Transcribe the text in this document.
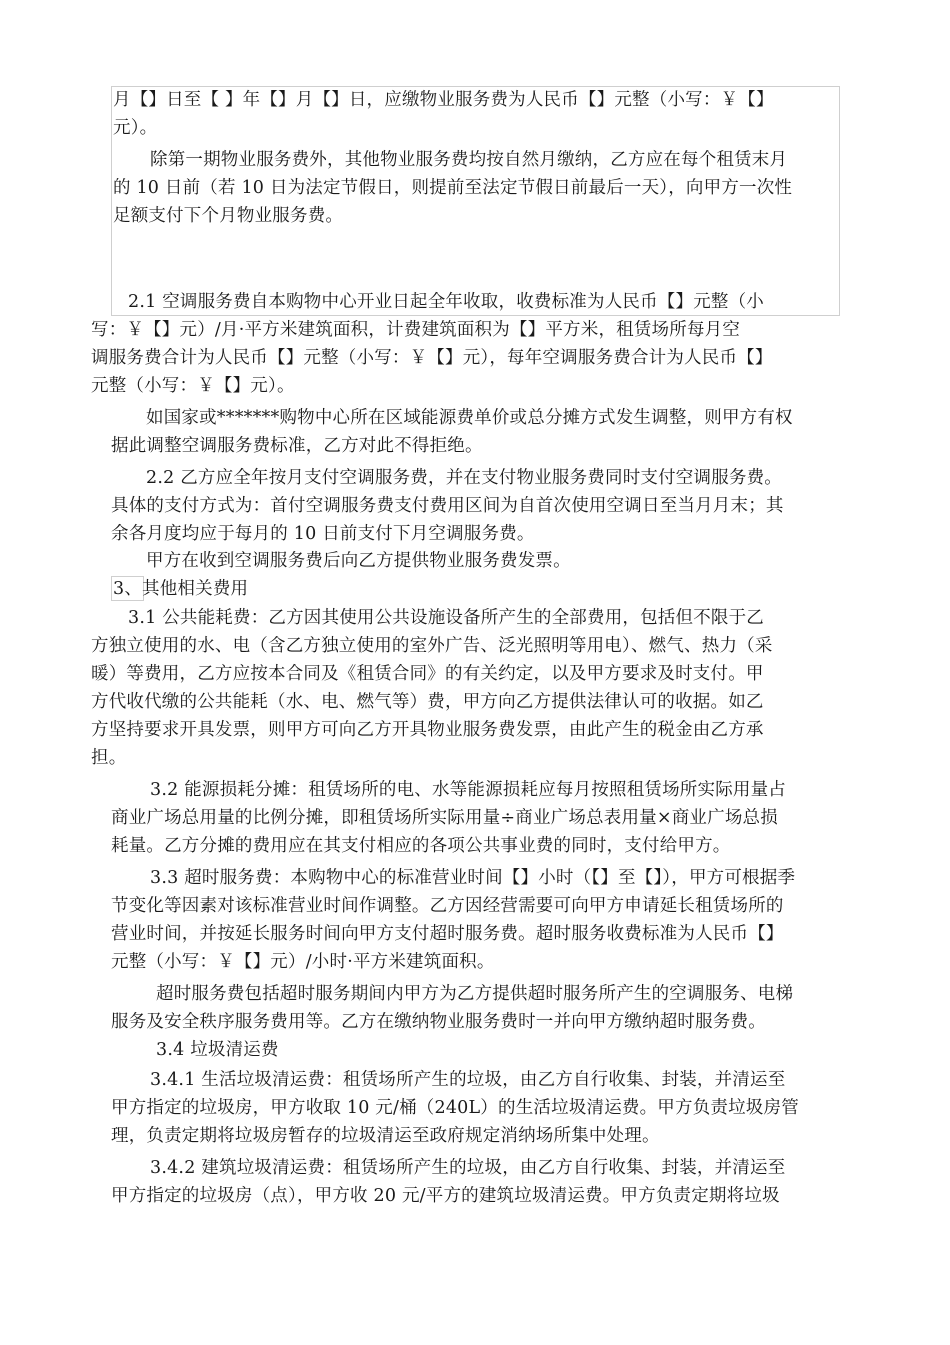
月【】日至【 】年【】月【】日，应缴物业服务费为人民币【】元整（小写：￥【】
元）。
除第一期物业服务费外，其他物业服务费均按自然月缴纳，乙方应在每个租赁末月
的 10 日前（若 10 日为法定节假日，则提前至法定节假日前最后一天），向甲方一次性
足额支付下个月物业服务费。
2.1 空调服务费自本购物中心开业日起全年收取，收费标准为人民币【】元整（小
写：￥【】元）/月·平方米建筑面积，计费建筑面积为【】平方米，租赁场所每月空
调服务费合计为人民币【】元整（小写：￥【】元），每年空调服务费合计为人民币【】
元整（小写：￥【】元）。
如国家或*******购物中心所在区域能源费单价或总分摊方式发生调整，则甲方有权
据此调整空调服务费标准，乙方对此不得拒绝。
2.2 乙方应全年按月支付空调服务费，并在支付物业服务费同时支付空调服务费。
具体的支付方式为：首付空调服务费支付费用区间为自首次使用空调日至当月月末；其
余各月度均应于每月的 10 日前支付下月空调服务费。
甲方在收到空调服务费后向乙方提供物业服务费发票。
3、其他相关费用
3.1 公共能耗费：乙方因其使用公共设施设备所产生的全部费用，包括但不限于乙
方独立使用的水、电（含乙方独立使用的室外广告、泛光照明等用电）、燃气、热力（采
暖）等费用，乙方应按本合同及《租赁合同》的有关约定，以及甲方要求及时支付。甲
方代收代缴的公共能耗（水、电、燃气等）费，甲方向乙方提供法律认可的收据。如乙
方坚持要求开具发票，则甲方可向乙方开具物业服务费发票，由此产生的税金由乙方承
担。
3.2 能源损耗分摊：租赁场所的电、水等能源损耗应每月按照租赁场所实际用量占
商业广场总用量的比例分摊，即租赁场所实际用量÷商业广场总表用量×商业广场总损
耗量。乙方分摊的费用应在其支付相应的各项公共事业费的同时，支付给甲方。
3.3 超时服务费：本购物中心的标准营业时间【】小时（【】至【】），甲方可根据季
节变化等因素对该标准营业时间作调整。乙方因经营需要可向甲方申请延长租赁场所的
营业时间，并按延长服务时间向甲方支付超时服务费。超时服务收费标准为人民币【】
元整（小写：￥【】元）/小时·平方米建筑面积。
超时服务费包括超时服务期间内甲方为乙方提供超时服务所产生的空调服务、电梯
服务及安全秩序服务费用等。乙方在缴纳物业服务费时一并向甲方缴纳超时服务费。
3.4 垃圾清运费
3.4.1 生活垃圾清运费：租赁场所产生的垃圾，由乙方自行收集、封装，并清运至
甲方指定的垃圾房，甲方收取 10 元/桶（240L）的生活垃圾清运费。甲方负责垃圾房管
理，负责定期将垃圾房暂存的垃圾清运至政府规定消纳场所集中处理。
3.4.2 建筑垃圾清运费：租赁场所产生的垃圾，由乙方自行收集、封装，并清运至
甲方指定的垃圾房（点），甲方收 20 元/平方的建筑垃圾清运费。甲方负责定期将垃圾
